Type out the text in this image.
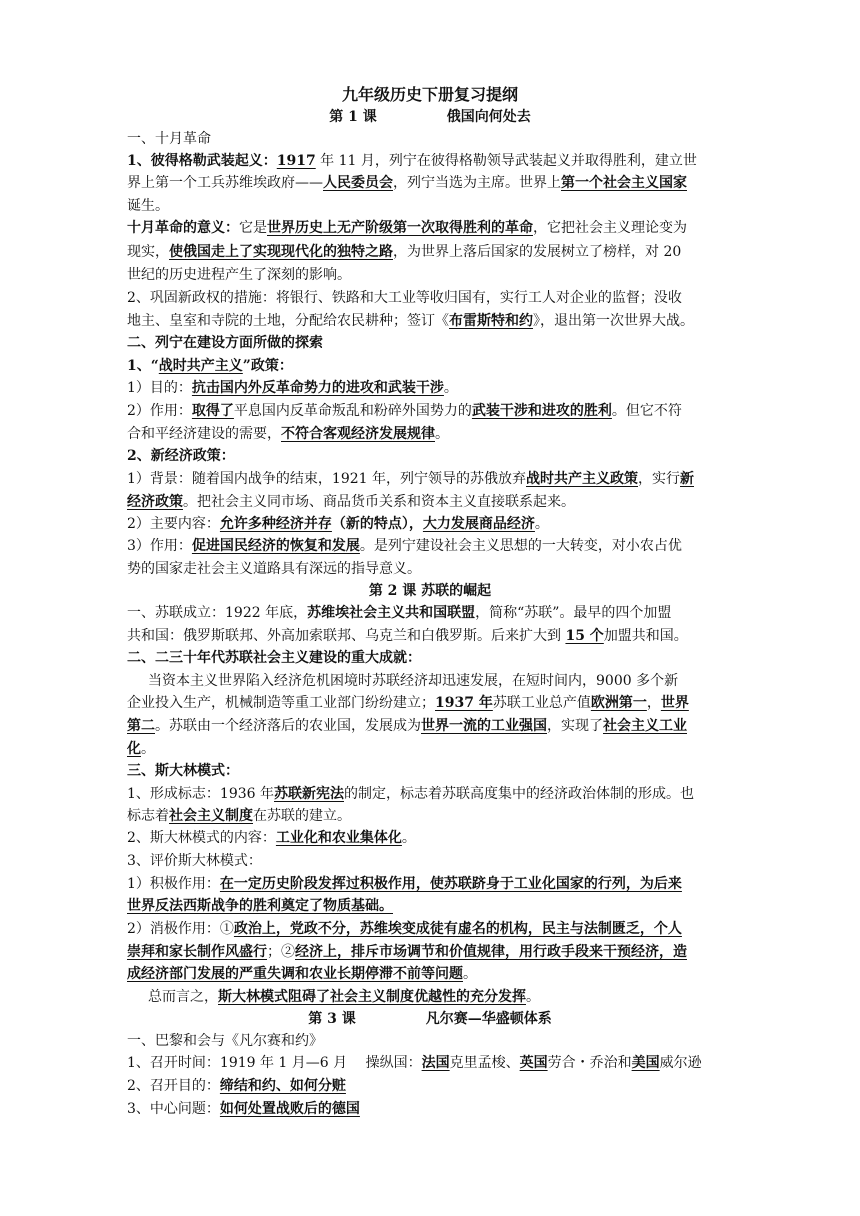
九年级历史下册复习提纲
第 1 课	俄国向何处去
一、十月革命
1、彼得格勒武装起义：1917 年 11 月，列宁在彼得格勒领导武装起义并取得胜利，建立世
界上第一个工兵苏维埃政府——人民委员会，列宁当选为主席。世界上第一个社会主义国家
诞生。
十月革命的意义：它是世界历史上无产阶级第一次取得胜利的革命，它把社会主义理论变为
现实，使俄国走上了实现现代化的独特之路，为世界上落后国家的发展树立了榜样，对 20
世纪的历史进程产生了深刻的影响。
2、巩固新政权的措施：将银行、铁路和大工业等收归国有，实行工人对企业的监督；没收
地主、皇室和寺院的土地，分配给农民耕种；签订《布雷斯特和约》，退出第一次世界大战。
二、列宁在建设方面所做的探索
1、“战时共产主义”政策：
1）目的：抗击国内外反革命势力的进攻和武装干涉。
2）作用：取得了平息国内反革命叛乱和粉碎外国势力的武装干涉和进攻的胜利。但它不符
合和平经济建设的需要，不符合客观经济发展规律。
2、新经济政策：
1）背景：随着国内战争的结束，1921 年，列宁领导的苏俄放弃战时共产主义政策，实行新
经济政策。把社会主义同市场、商品货币关系和资本主义直接联系起来。
2）主要内容：允许多种经济并存（新的特点），大力发展商品经济。
3）作用：促进国民经济的恢复和发展。是列宁建设社会主义思想的一大转变，对小农占优
势的国家走社会主义道路具有深远的指导意义。
第 2 课 苏联的崛起
一、苏联成立：1922 年底，苏维埃社会主义共和国联盟，简称“苏联”。最早的四个加盟
共和国：俄罗斯联邦、外高加索联邦、乌克兰和白俄罗斯。后来扩大到 15 个加盟共和国。
二、二三十年代苏联社会主义建设的重大成就：
当资本主义世界陷入经济危机困境时苏联经济却迅速发展，在短时间内，9000 多个新
企业投入生产，机械制造等重工业部门纷纷建立；1937 年苏联工业总产值欧洲第一，世界
第二。苏联由一个经济落后的农业国，发展成为世界一流的工业强国，实现了社会主义工业
化。
三、斯大林模式：
1、形成标志：1936 年苏联新宪法的制定，标志着苏联高度集中的经济政治体制的形成。也
标志着社会主义制度在苏联的建立。
2、斯大林模式的内容：工业化和农业集体化。
3、评价斯大林模式：
1）积极作用：在一定历史阶段发挥过积极作用，使苏联跻身于工业化国家的行列，为后来
世界反法西斯战争的胜利奠定了物质基础。
2）消极作用：①政治上，党政不分，苏维埃变成徒有虚名的机构，民主与法制匮乏，个人
崇拜和家长制作风盛行；②经济上，排斥市场调节和价值规律，用行政手段来干预经济，造
成经济部门发展的严重失调和农业长期停滞不前等问题。
总而言之，斯大林模式阻碍了社会主义制度优越性的充分发挥。
第 3 课	凡尔赛—华盛顿体系
一、巴黎和会与《凡尔赛和约》
1、召开时间：1919 年 1 月—6 月　 操纵国：法国克里孟梭、英国劳合・乔治和美国威尔逊
2、召开目的：缔结和约、如何分赃
3、中心问题：如何处置战败后的德国
